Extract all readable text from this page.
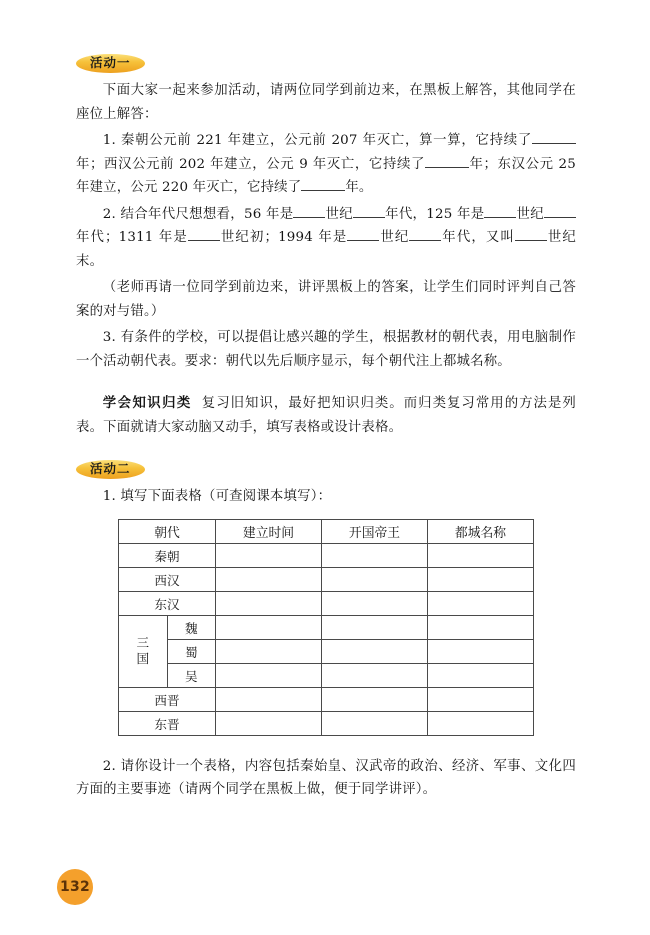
活动一

下面大家一起来参加活动，请两位同学到前边来，在黑板上解答，其他同学在座位上解答：

1. 秦朝公元前 221 年建立，公元前 207 年灭亡，算一算，它持续了年；西汉公元前 202 年建立，公元 9 年灭亡，它持续了	年；东汉公元 25 年建立，公元 220 年灭亡，它持续了	年。

2. 结合年代尺想想看，56 年是 世纪 年代，125 年是 世纪年代；1311 年是 世纪初；1994 年是 世纪 年代，又叫 世纪末。

（老师再请一位同学到前边来，讲评黑板上的答案，让学生们同时评判自己答案的对与错。）

3. 有条件的学校，可以提倡让感兴趣的学生，根据教材的朝代表，用电脑制作一个活动朝代表。要求：朝代以先后顺序显示，每个朝代注上都城名称。

学会知识归类 复习旧知识，最好把知识归类。而归类复习常用的方法是列表。下面就请大家动脑又动手，填写表格或设计表格。

活动二

1. 填写下面表格（可查阅课本填写）：

朝代		建立时间	开国帝王	都城名称
秦朝				
西汉				
东汉				

三
国	魏			
	蜀			
	吴			
西晋				
东晋				

2. 请你设计一个表格，内容包括秦始皇、汉武帝的政治、经济、军事、文化四方面的主要事迹（请两个同学在黑板上做，便于同学讲评）。

132
